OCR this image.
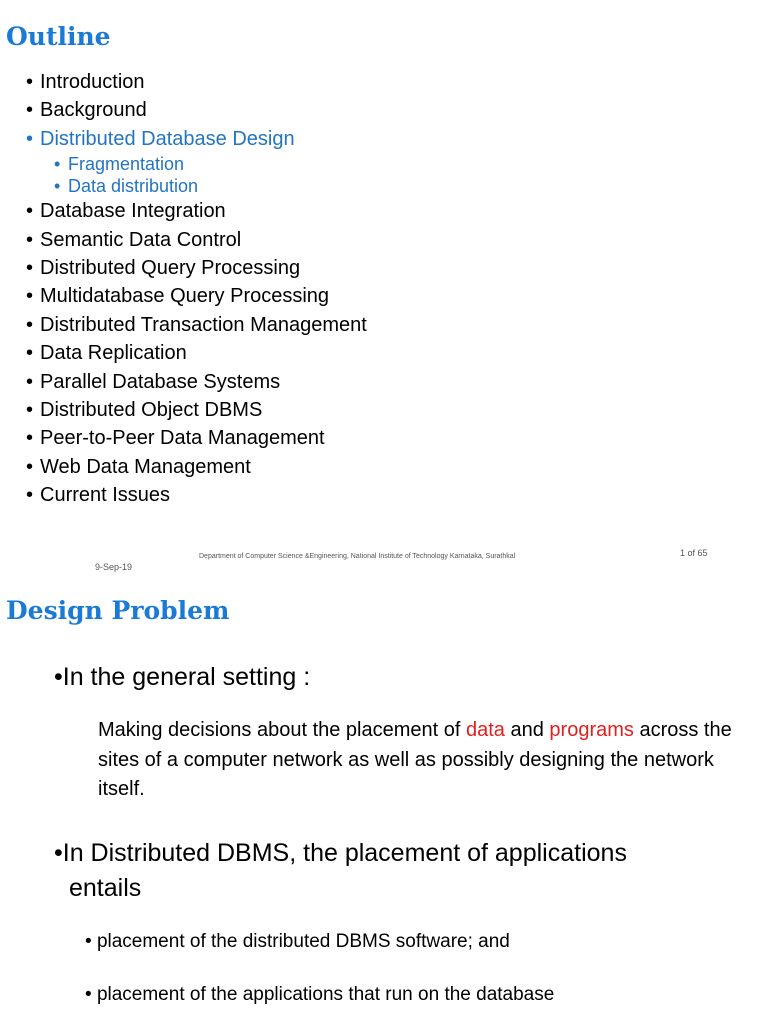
Outline
• Introduction
• Background
• Distributed Database Design
• Fragmentation
• Data distribution
• Database Integration
• Semantic Data Control
• Distributed Query Processing
• Multidatabase Query Processing
• Distributed Transaction Management
• Data Replication
• Parallel Database Systems
• Distributed Object DBMS
• Peer-to-Peer Data Management
• Web Data Management
• Current Issues
9-Sep-19
Department of Computer Science &Engineering, National Institute of Technology Karnataka, Surathkal	1 of 65
Design Problem
•In the general setting :
Making decisions about the placement of data and programs across the sites of a computer network as well as possibly designing the network itself.
•In Distributed DBMS, the placement of applications
entails
• placement of the distributed DBMS software; and
• placement of the applications that run on the database
